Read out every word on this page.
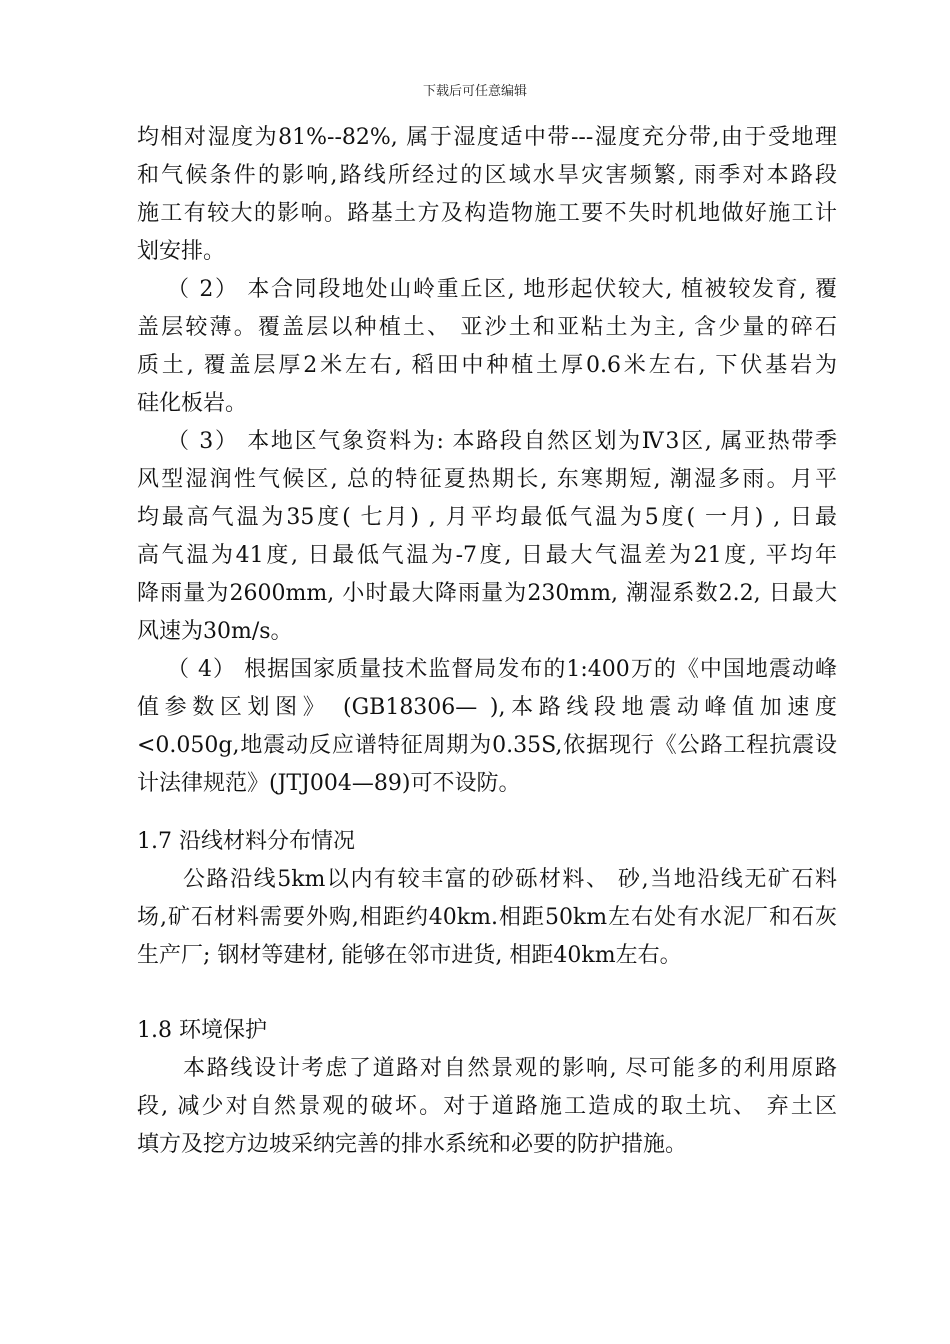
下载后可任意编辑
均相对湿度为81%--82%, 属于湿度适中带---湿度充分带,由于受地理
和气候条件的影响,路线所经过的区域水旱灾害频繁, 雨季对本路段
施工有较大的影响。路基土方及构造物施工要不失时机地做好施工计
划安排。
（ 2） 本合同段地处山岭重丘区, 地形起伏较大, 植被较发育, 覆
盖层较薄。覆盖层以种植土、 亚沙土和亚粘土为主, 含少量的碎石
质土, 覆盖层厚2米左右, 稻田中种植土厚0.6米左右, 下伏基岩为
硅化板岩。
（ 3） 本地区气象资料为: 本路段自然区划为Ⅳ3区, 属亚热带季
风型湿润性气候区, 总的特征夏热期长, 东寒期短, 潮湿多雨。月平
均最高气温为35度( 七月) , 月平均最低气温为5度( 一月) , 日最
高气温为41度, 日最低气温为-7度, 日最大气温差为21度, 平均年
降雨量为2600mm, 小时最大降雨量为230mm, 潮湿系数2.2, 日最大
风速为30m/s。
（ 4） 根据国家质量技术监督局发布的1:400万的《中国地震动峰
值参数区划图》 (GB18306— ),本路线段地震动峰值加速度
<0.050g,地震动反应谱特征周期为0.35S,依据现行《公路工程抗震设
计法律规范》(JTJ004—89)可不设防。
1.7 沿线材料分布情况
公路沿线5km以内有较丰富的砂砾材料、 砂,当地沿线无矿石料
场,矿石材料需要外购,相距约40km.相距50km左右处有水泥厂和石灰
生产厂; 钢材等建材, 能够在邻市进货, 相距40km左右。
1.8 环境保护
本路线设计考虑了道路对自然景观的影响, 尽可能多的利用原路
段, 减少对自然景观的破坏。对于道路施工造成的取土坑、 弃土区
填方及挖方边坡采纳完善的排水系统和必要的防护措施。
